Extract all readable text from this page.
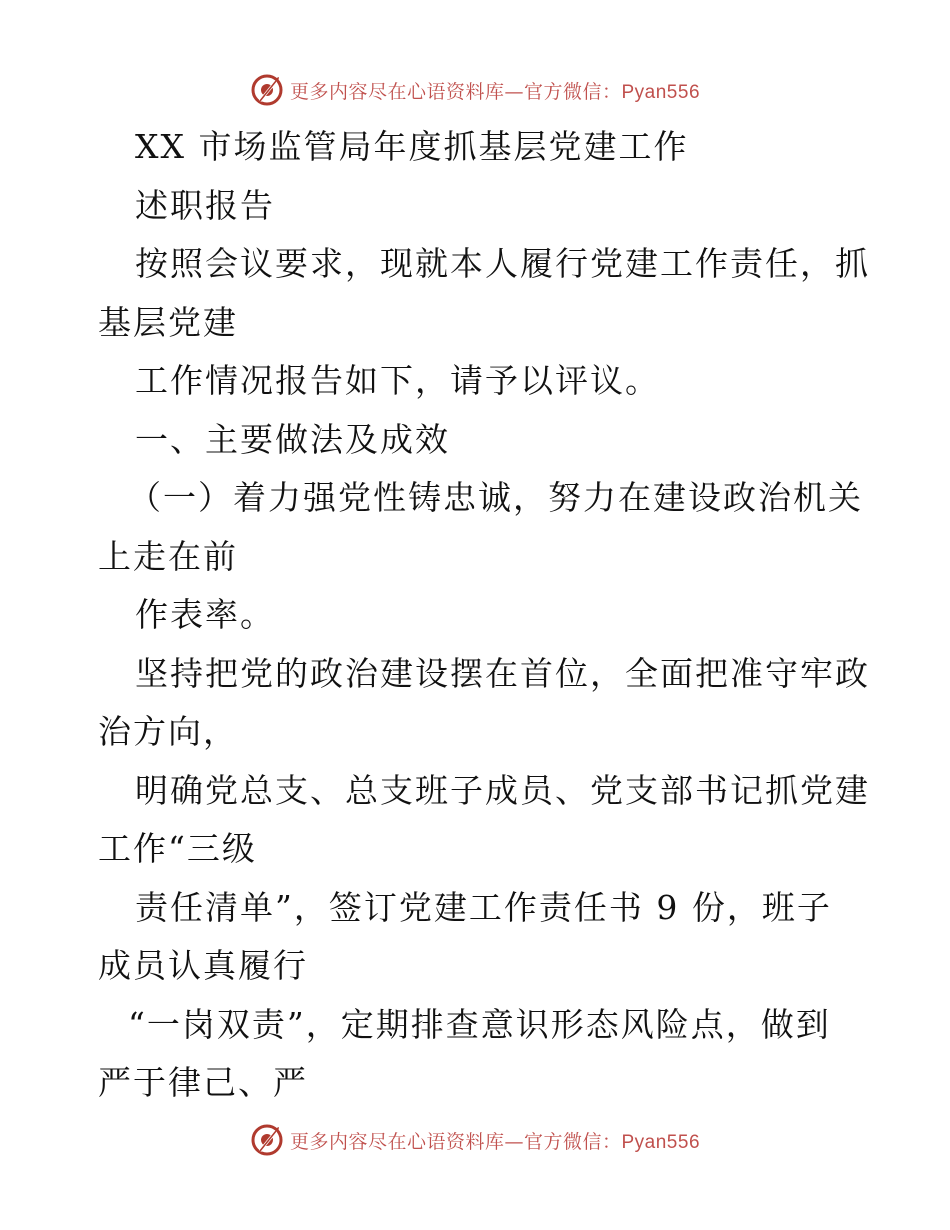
更多内容尽在心语资料库—官方微信：Pyan556
XX 市场监管局年度抓基层党建工作
述职报告
按照会议要求，现就本人履行党建工作责任，抓
基层党建
工作情况报告如下，请予以评议。
一、主要做法及成效
（一）着力强党性铸忠诚，努力在建设政治机关
上走在前
作表率。
坚持把党的政治建设摆在首位，全面把准守牢政
治方向，
明确党总支、总支班子成员、党支部书记抓党建
工作“三级
责任清单”，签订党建工作责任书 9 份，班子
成员认真履行
“一岗双责”，定期排查意识形态风险点，做到
严于律己、严
更多内容尽在心语资料库—官方微信：Pyan556
